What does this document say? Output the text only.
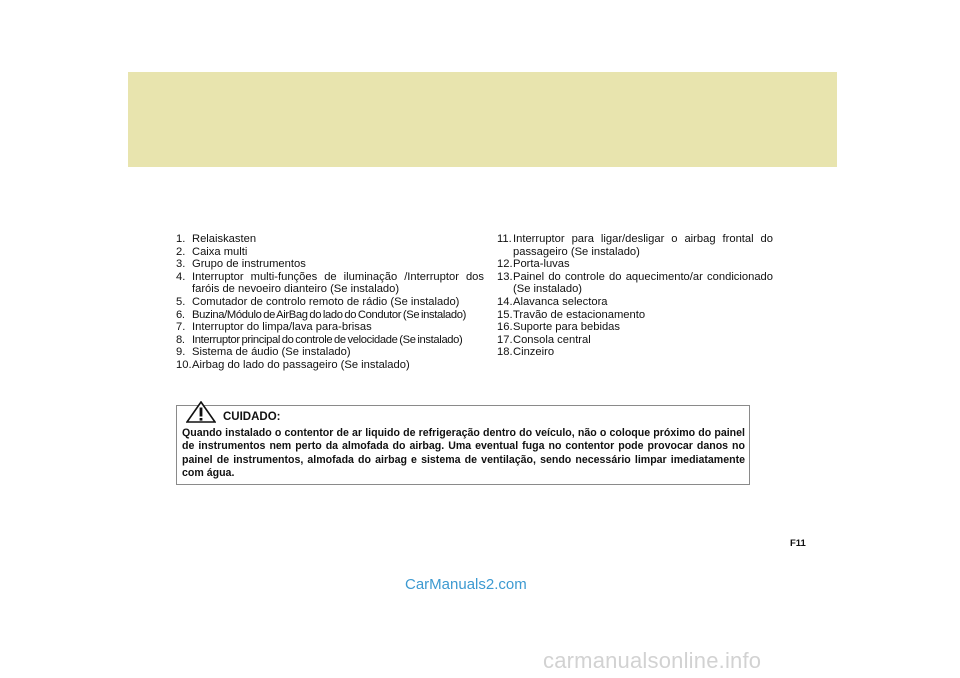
1. Relaiskasten
2. Caixa multi
3. Grupo de instrumentos
4. Interruptor multi-funções de iluminação /Interruptor dos faróis de nevoeiro dianteiro (Se instalado)
5. Comutador de controlo remoto de rádio (Se instalado)
6. Buzina/Módulo de AirBag do lado do Condutor (Se instalado)
7. Interruptor do limpa/lava para-brisas
8. Interruptor principal do controle de velocidade (Se instalado)
9. Sistema de áudio (Se instalado)
10. Airbag do lado do passageiro (Se instalado)
11. Interruptor para ligar/desligar o airbag frontal do passageiro (Se instalado)
12. Porta-luvas
13. Painel do controle do aquecimento/ar condicionado (Se instalado)
14. Alavanca selectora
15. Travão de estacionamento
16. Suporte para bebidas
17. Consola central
18. Cinzeiro
CUIDADO:
Quando instalado o contentor de ar liquido de refrigeração dentro do veículo, não o coloque próximo do painel de instrumentos nem perto da almofada do airbag. Uma eventual fuga no contentor pode provocar danos no painel de instrumentos, almofada do airbag e sistema de ventilação, sendo necessário limpar imediatamente com água.
F11
CarManuals2.com
carmanualsonline.info
